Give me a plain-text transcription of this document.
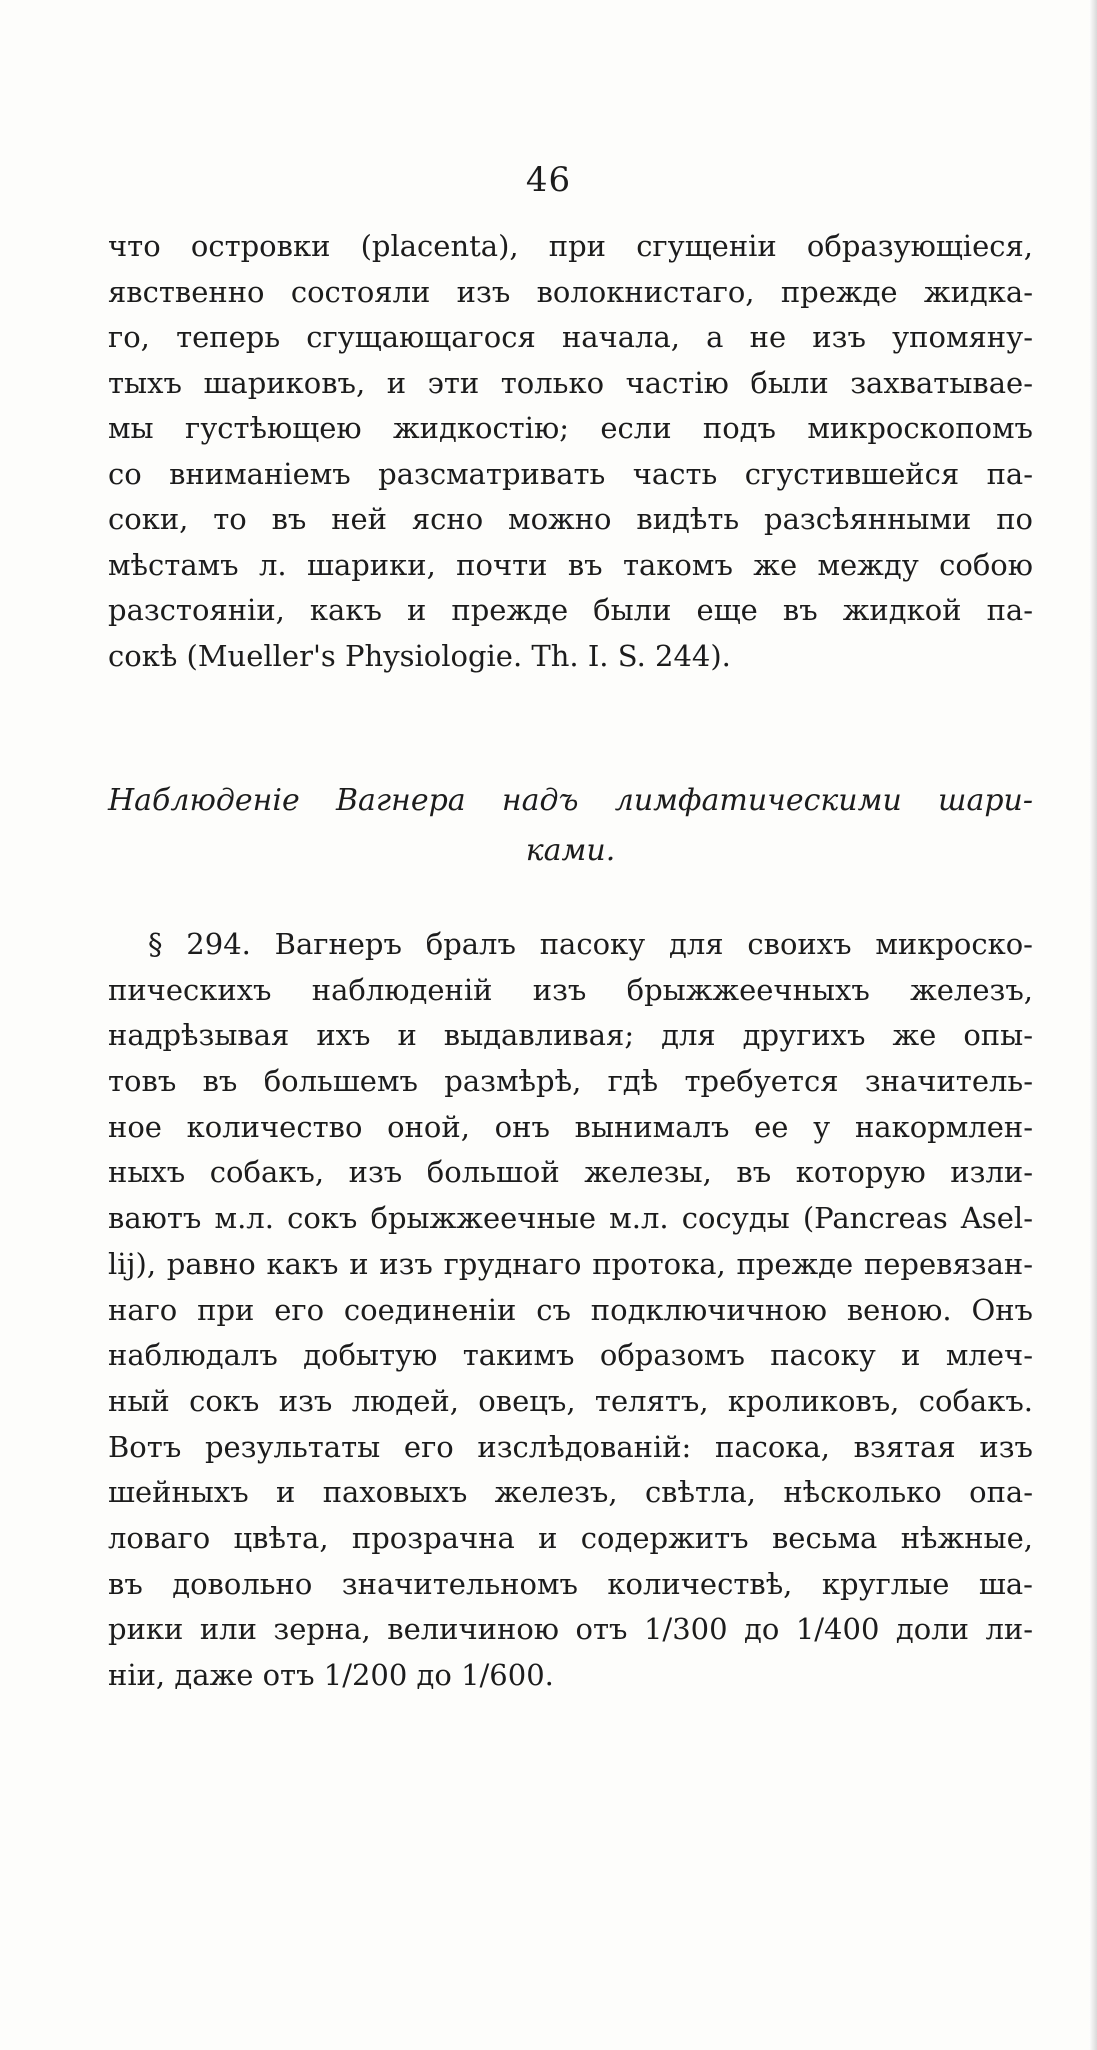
46
что островки (placenta), при сгущеніи образующіеся,
явственно состояли изъ волокнистаго, прежде жидка-
го, теперь сгущающагося начала, а не изъ упомяну-
тыхъ шариковъ, и эти только частію были захватывае-
мы густѣющею жидкостію; если подъ микроскопомъ
со вниманіемъ разсматривать часть сгустившейся па-
соки, то въ ней ясно можно видѣть разсѣянными по
мѣстамъ л. шарики, почти въ такомъ же между собою
разстояніи, какъ и прежде были еще въ жидкой па-
сокѣ (Mueller's Physiologie. Th. I. S. 244).
Наблюденіе Вагнера надъ лимфатическими шари-
ками.
§ 294. Вагнеръ бралъ пасоку для своихъ микроско-
пическихъ наблюденій изъ брыжжеечныхъ железъ,
надрѣзывая ихъ и выдавливая; для другихъ же опы-
товъ въ большемъ размѣрѣ, гдѣ требуется значитель-
ное количество оной, онъ вынималъ ее у накормлен-
ныхъ собакъ, изъ большой железы, въ которую изли-
ваютъ м.л. сокъ брыжжеечные м.л. сосуды (Pancreas Asel-
lij), равно какъ и изъ груднаго протока, прежде перевязан-
наго при его соединеніи съ подключичною веною. Онъ
наблюдалъ добытую такимъ образомъ пасоку и млеч-
ный сокъ изъ людей, овецъ, телятъ, кроликовъ, собакъ.
Вотъ результаты его изслѣдованій: пасока, взятая изъ
шейныхъ и паховыхъ железъ, свѣтла, нѣсколько опа-
ловаго цвѣта, прозрачна и содержитъ весьма нѣжные,
въ довольно значительномъ количествѣ, круглые ша-
рики или зерна, величиною отъ 1/300 до 1/400 доли ли-
ніи, даже отъ 1/200 до 1/600.
